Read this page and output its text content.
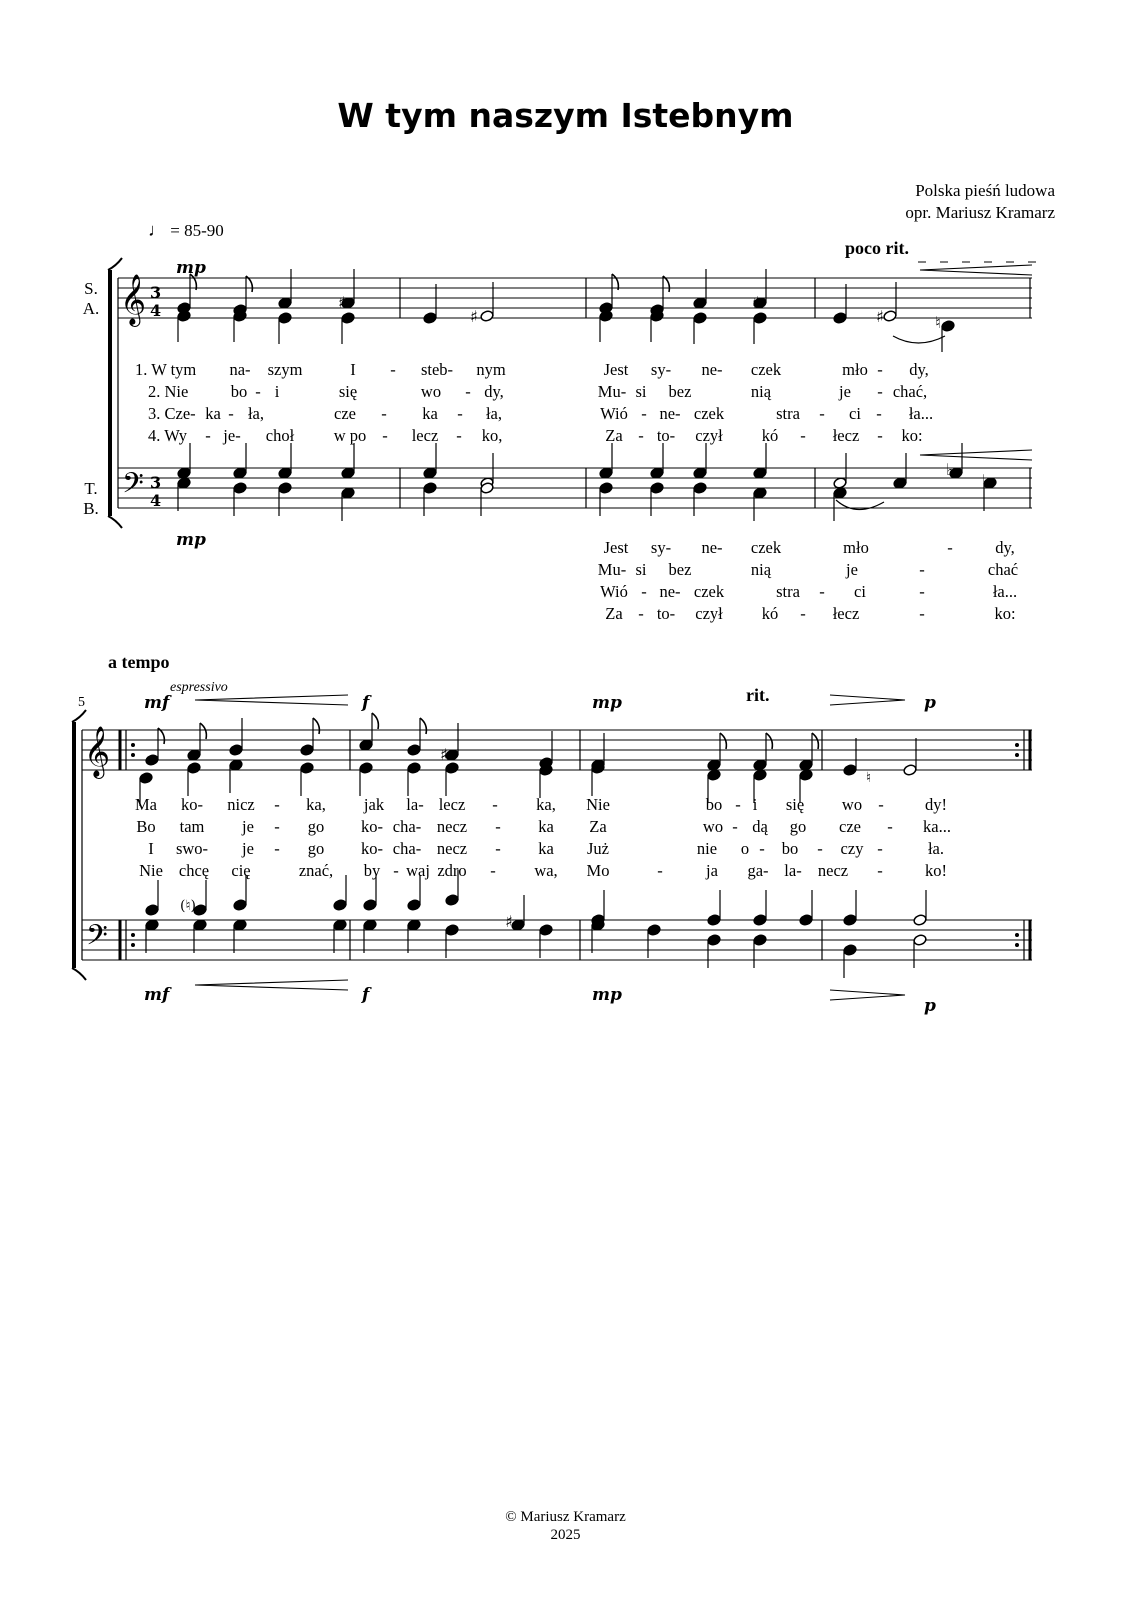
W tym naszym Istebnym
Polska pieśń ludowa
opr. Mariusz Kramarz
♩ = 85-90
S.
A.
T.
B.
mp
mp
poco rit.
1. W tym na- szym	I - steb- nym	Jest sy- ne- czek	mło - dy,
2. Nie	bo - i	się	wo - dy,	Mu- si bez	nią	je - chać,
3. Cze- ka - ła,	cze - ka - ła,	Wió - ne- czek	stra - ci - ła...
4. Wy - je- choł w po - lecz - ko,	Za - to- czył kó - łecz - ko:
Jest sy- ne- czek	mło	-	dy,
Mu- si bez	nią	je	-	chać
Wió - ne- czek	stra - ci	-	ła...
Za - to- czył kó - łecz	-	ko:
a tempo
5
espressivo	rit.
mf	f	mp	p
mf	f	mp
p
Ma ko- nicz - ka, jak la- lecz - ka, Nie	bo - i się wo -	dy!
Bo tam je - go ko- cha- necz - ka Za	wo - dą go cze - ka...
I swo- je - go ko- cha- necz - ka Już	nie o - bo - czy -	ła.
Nie chcę cię	znać, by - waj zdro - wa, Mo	-	ja ga- la- necz -	ko!
© Mariusz Kramarz
2025
𝄞
𝄢
3
4
3
4
♯	♯
♯	♯	♮
♭
♭
𝄞
𝄢
♯
♮
(♮)
♯
